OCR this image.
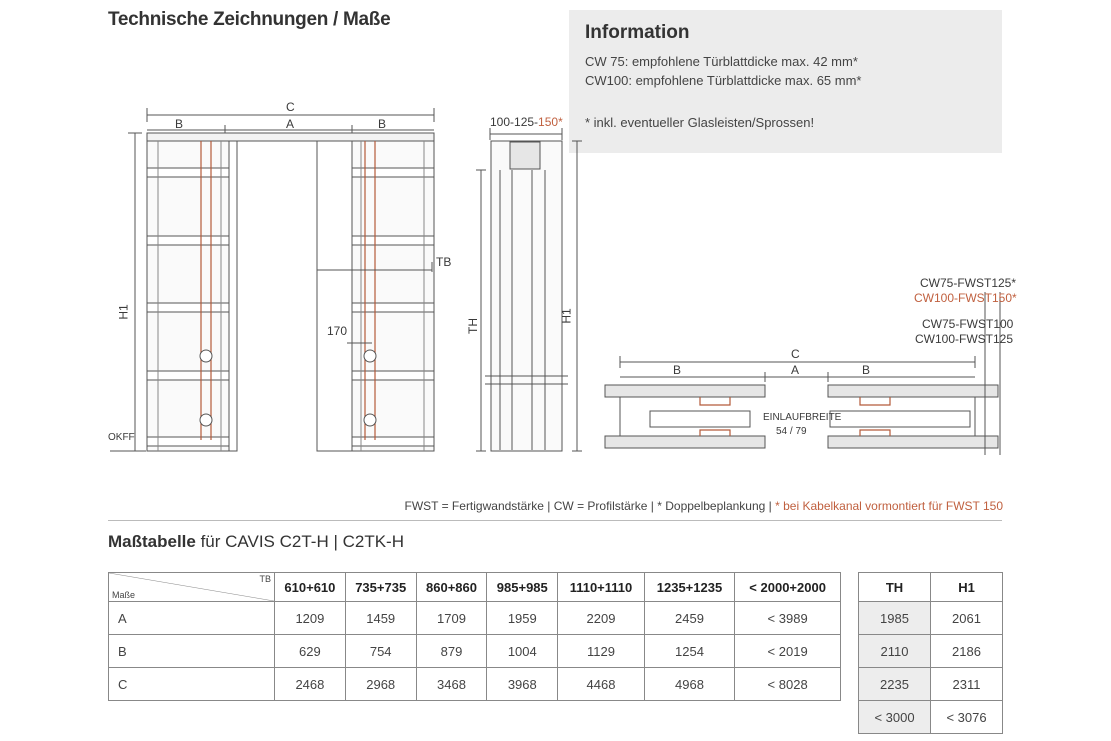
Technische Zeichnungen / Maße
Information
CW 75: empfohlene Türblattdicke max. 42 mm*
CW100: empfohlene Türblattdicke max. 65 mm*
* inkl. eventueller Glasleisten/Sprossen!
C
B	A	B
H1
TB
170
OKFF
100-125-150*
TH
H1
CW75-FWST125*
CW100-FWST150*
CW75-FWST100
CW100-FWST125
C
B	A	B
EINLAUFBREITE
54 / 79
FWST = Fertigwandstärke | CW = Profilstärke | * Doppelbeplankung | * bei Kabelkanal vormontiert für FWST 150
Maßtabelle für CAVIS C2T-H | C2TK-H
TB
Maße	610+610	735+735	860+860	985+985	1110+1110	1235+1235	< 2000+2000
A	1209	1459	1709	1959	2209	2459	< 3989
B	629	754	879	1004	1129	1254	< 2019
C	2468	2968	3468	3968	4468	4968	< 8028
TH	H1
1985	2061
2110	2186
2235	2311
< 3000	< 3076
